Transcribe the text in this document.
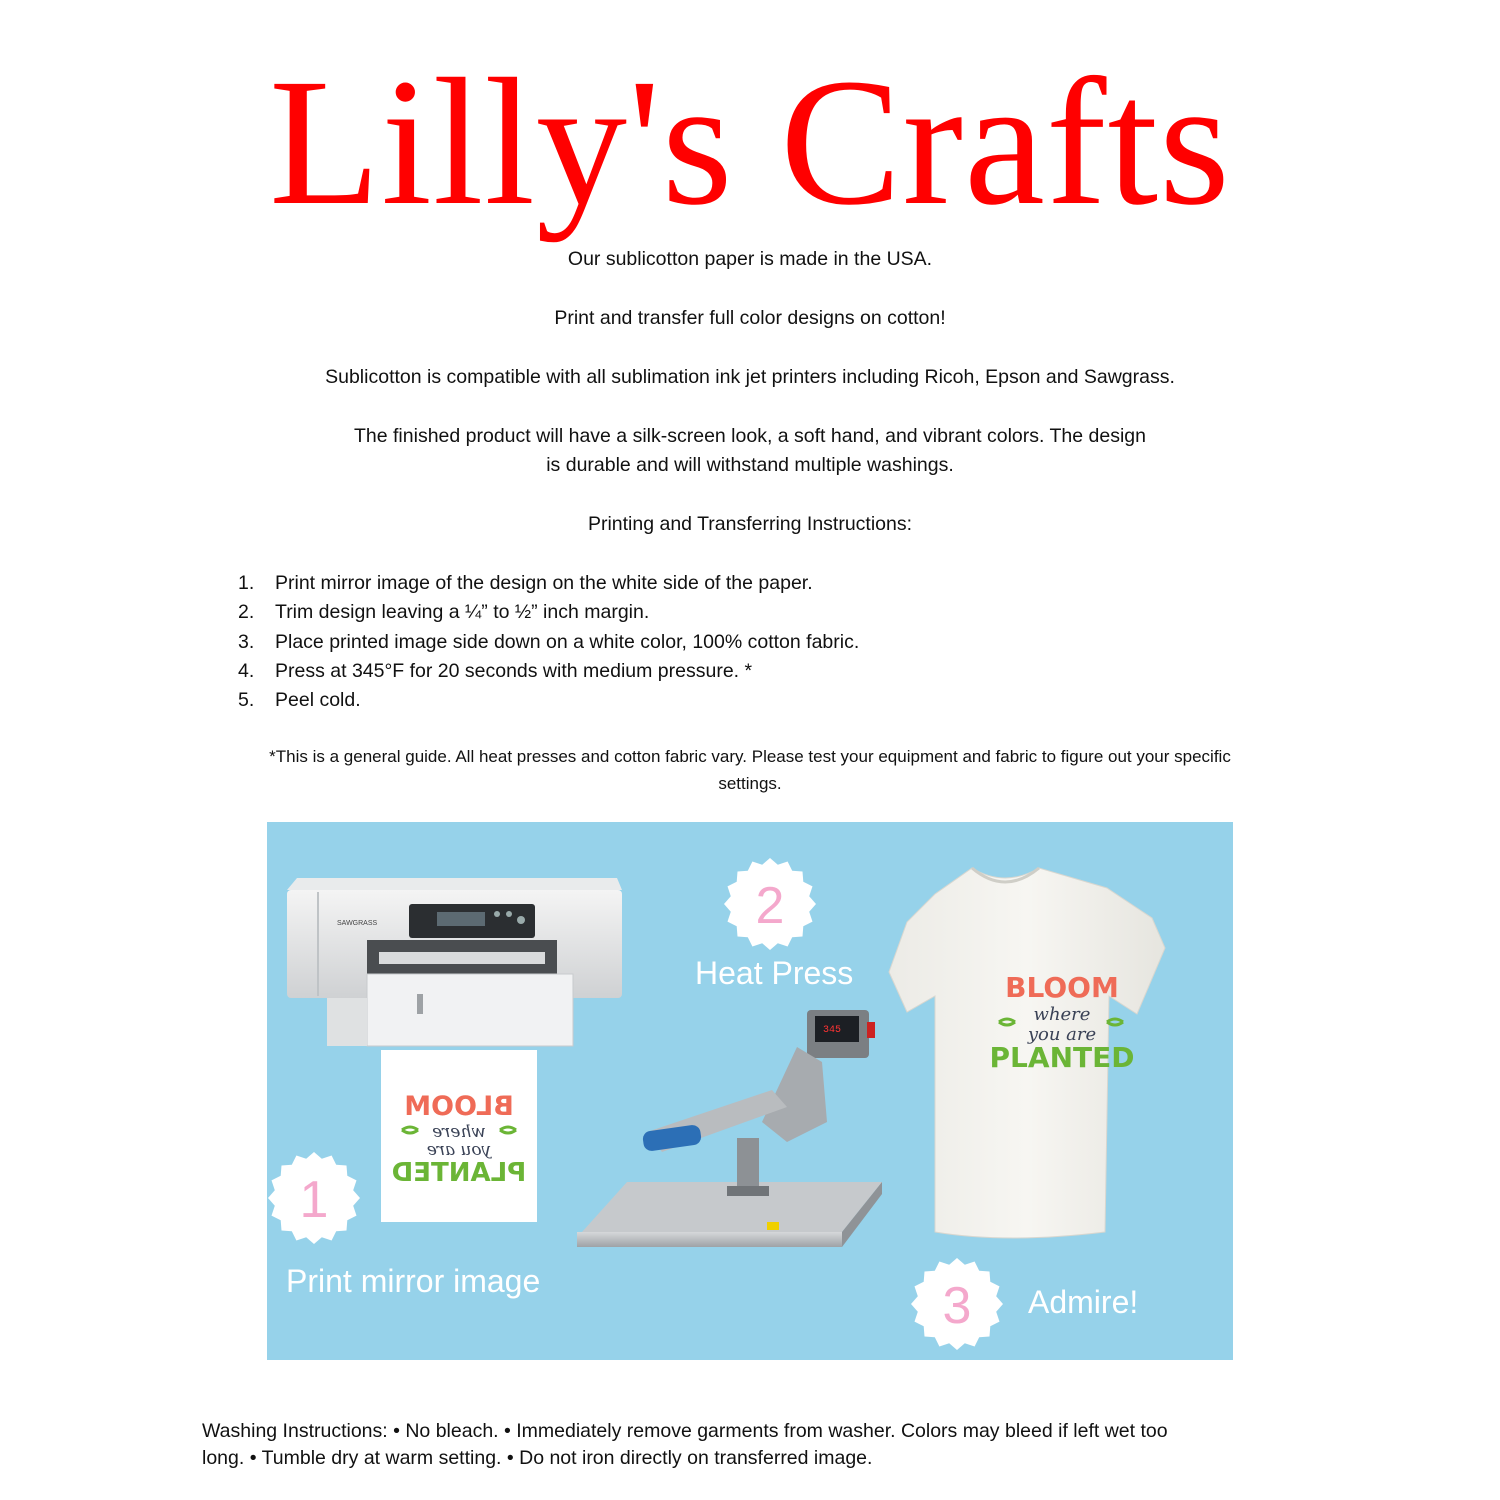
Lilly's Crafts

Our sublicotton paper is made in the USA.

Print and transfer full color designs on cotton!

Sublicotton is compatible with all sublimation ink jet printers including Ricoh, Epson and Sawgrass.

The finished product will have a silk-screen look, a soft hand, and vibrant colors. The design

is durable and will withstand multiple washings.

Printing and Transferring Instructions:

1.	Print mirror image of the design on the white side of the paper.
2.	Trim design leaving a ¼” to ½” inch margin.
3.	Place printed image side down on a white color, 100% cotton fabric.
4.	Press at 345°F for 20 seconds with medium pressure. *
5.	Peel cold.

*This is a general guide. All heat presses and cotton fabric vary. Please test your equipment and fabric to figure out your specific
settings.

SAWGRASS
BLOOM
where
you are
PLANTED
345
BLOOM
where
you are
PLANTED
1
2
3
Print mirror image
Heat Press
Admire!

Washing Instructions: • No bleach. • Immediately remove garments from washer. Colors may bleed if left wet too
long. • Tumble dry at warm setting. • Do not iron directly on transferred image.
